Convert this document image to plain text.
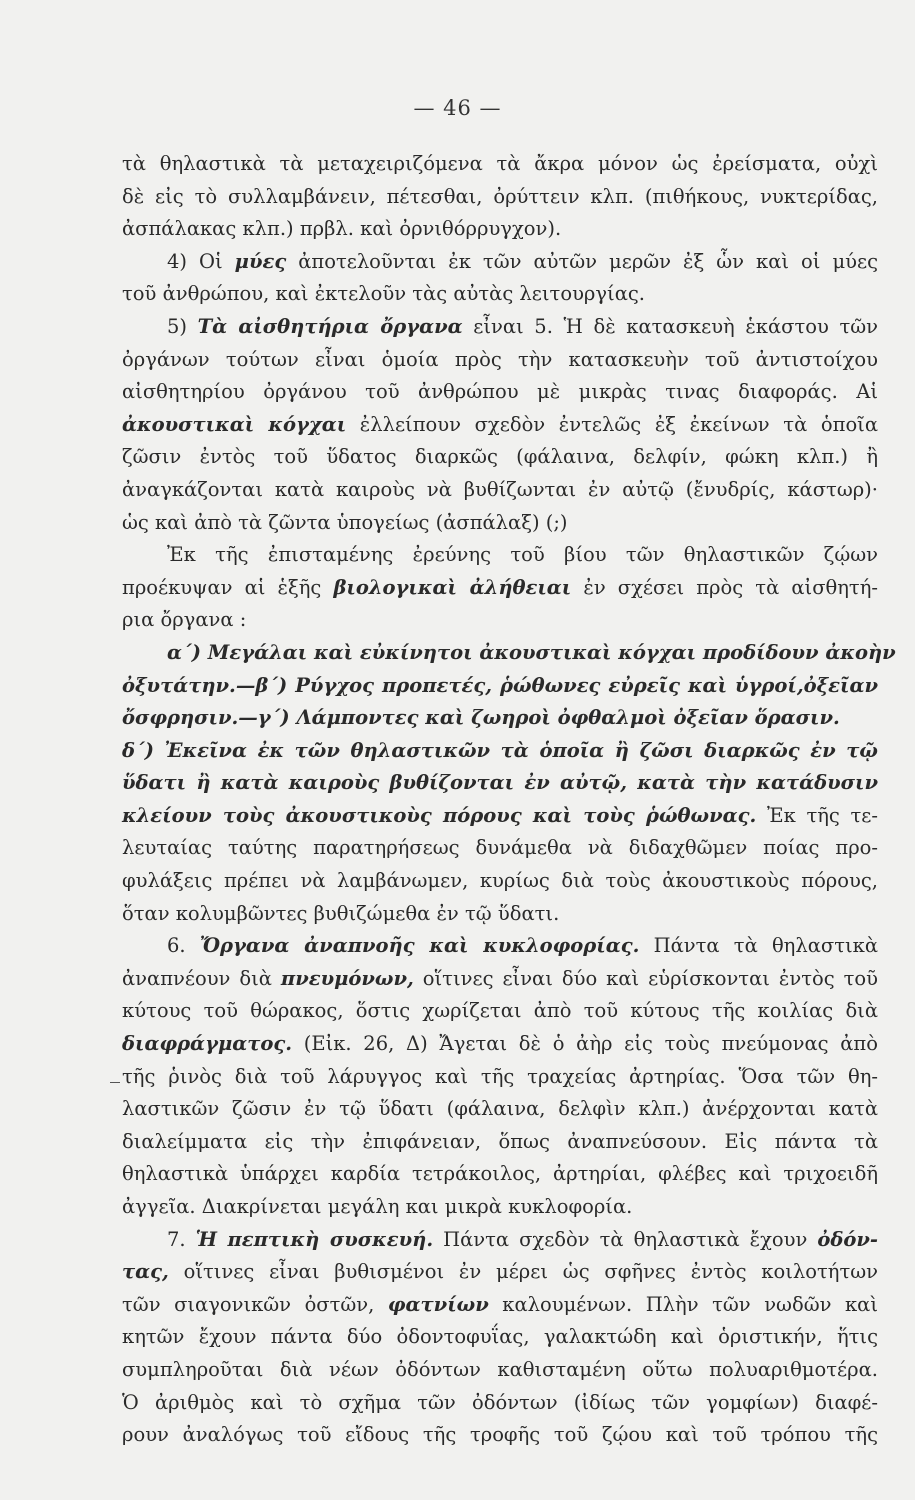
— 46 —
τὰ θηλαστικὰ τὰ μεταχειριζόμενα τὰ ἄκρα μόνον ὡς ἐρείσματα, οὐχὶ
δὲ εἰς τὸ συλλαμβάνειν, πέτεσθαι, ὀρύττειν κλπ. (πιθήκους, νυκτερίδας,
ἀσπάλακας κλπ.) πρβλ. καὶ ὀρνιθόρρυγχον).
4) Οἱ μύες ἀποτελοῦνται ἐκ τῶν αὐτῶν μερῶν ἐξ ὧν καὶ οἱ μύες
τοῦ ἀνθρώπου, καὶ ἐκτελοῦν τὰς αὐτὰς λειτουργίας.
5) Τὰ αἰσθητήρια ὄργανα εἶναι 5. Ἡ δὲ κατασκευὴ ἑκάστου τῶν
ὀργάνων τούτων εἶναι ὁμοία πρὸς τὴν κατασκευὴν τοῦ ἀντιστοίχου
αἰσθητηρίου ὀργάνου τοῦ ἀνθρώπου μὲ μικρὰς τινας διαφοράς. Αἱ
ἀκουστικαὶ κόγχαι ἐλλείπουν σχεδὸν ἐντελῶς ἐξ ἐκείνων τὰ ὁποῖα
ζῶσιν ἐντὸς τοῦ ὕδατος διαρκῶς (φάλαινα, δελφίν, φώκη κλπ.) ἢ
ἀναγκάζονται κατὰ καιροὺς νὰ βυθίζωνται ἐν αὐτῷ (ἔνυδρίς, κάστωρ)·
ὡς καὶ ἀπὸ τὰ ζῶντα ὑπογείως (ἀσπάλαξ) (;)
Ἐκ τῆς ἐπισταμένης ἐρεύνης τοῦ βίου τῶν θηλαστικῶν ζῴων
προέκυψαν αἱ ἑξῆς βιολογικαὶ ἀλήθειαι ἐν σχέσει πρὸς τὰ αἰσθητή-
ρια ὄργανα :
α΄) Μεγάλαι καὶ εὐκίνητοι ἀκουστικαὶ κόγχαι προδίδουν ἀκοὴν
ὀξυτάτην.—β΄) Ρύγχος προπετές, ῥώθωνες εὐρεῖς καὶ ὑγροί,ὀξεῖαν
ὄσφρησιν.—γ΄) Λάμποντες καὶ ζωηροὶ ὀφθαλμοὶ ὀξεῖαν ὅρασιν.
δ΄) Ἐκεῖνα ἐκ τῶν θηλαστικῶν τὰ ὁποῖα ἢ ζῶσι διαρκῶς ἐν τῷ
ὕδατι ἢ κατὰ καιροὺς βυθίζονται ἐν αὐτῷ, κατὰ τὴν κατάδυσιν
κλείουν τοὺς ἀκουστικοὺς πόρους καὶ τοὺς ῥώθωνας. Ἐκ τῆς τε-
λευταίας ταύτης παρατηρήσεως δυνάμεθα νὰ διδαχθῶμεν ποίας προ-
φυλάξεις πρέπει νὰ λαμβάνωμεν, κυρίως διὰ τοὺς ἀκουστικοὺς πόρους,
ὅταν κολυμβῶντες βυθιζώμεθα ἐν τῷ ὕδατι.
6. Ὄργανα ἀναπνοῆς καὶ κυκλοφορίας. Πάντα τὰ θηλαστικὰ
ἀναπνέουν διὰ πνευμόνων, οἵτινες εἶναι δύο καὶ εὑρίσκονται ἐντὸς τοῦ
κύτους τοῦ θώρακος, ὅστις χωρίζεται ἀπὸ τοῦ κύτους τῆς κοιλίας διὰ
διαφράγματος. (Εἰκ. 26, Δ) Ἄγεται δὲ ὁ ἀὴρ εἰς τοὺς πνεύμονας ἀπὸ
τῆς ῥινὸς διὰ τοῦ λάρυγγος καὶ τῆς τραχείας ἀρτηρίας. Ὅσα τῶν θη-
λαστικῶν ζῶσιν ἐν τῷ ὕδατι (φάλαινα, δελφὶν κλπ.) ἀνέρχονται κατὰ
διαλείμματα εἰς τὴν ἐπιφάνειαν, ὅπως ἀναπνεύσουν. Εἰς πάντα τὰ
θηλαστικὰ ὑπάρχει καρδία τετράκοιλος, ἀρτηρίαι, φλέβες καὶ τριχοειδῆ
ἀγγεῖα. Διακρίνεται μεγάλη και μικρὰ κυκλοφορία.
7. Ἡ πεπτικὴ συσκευή. Πάντα σχεδὸν τὰ θηλαστικὰ ἔχουν ὀδόν-
τας, οἵτινες εἶναι βυθισμένοι ἐν μέρει ὡς σφῆνες ἐντὸς κοιλοτήτων
τῶν σιαγονικῶν ὀστῶν, φατνίων καλουμένων. Πλὴν τῶν νωδῶν καὶ
κητῶν ἔχουν πάντα δύο ὀδοντοφυΐας, γαλακτώδη καὶ ὁριστικήν, ἥτις
συμπληροῦται διὰ νέων ὀδόντων καθισταμένη οὕτω πολυαριθμοτέρα.
Ὁ ἀριθμὸς καὶ τὸ σχῆμα τῶν ὀδόντων (ἰδίως τῶν γομφίων) διαφέ-
ρουν ἀναλόγως τοῦ εἴδους τῆς τροφῆς τοῦ ζῴου καὶ τοῦ τρόπου τῆς
